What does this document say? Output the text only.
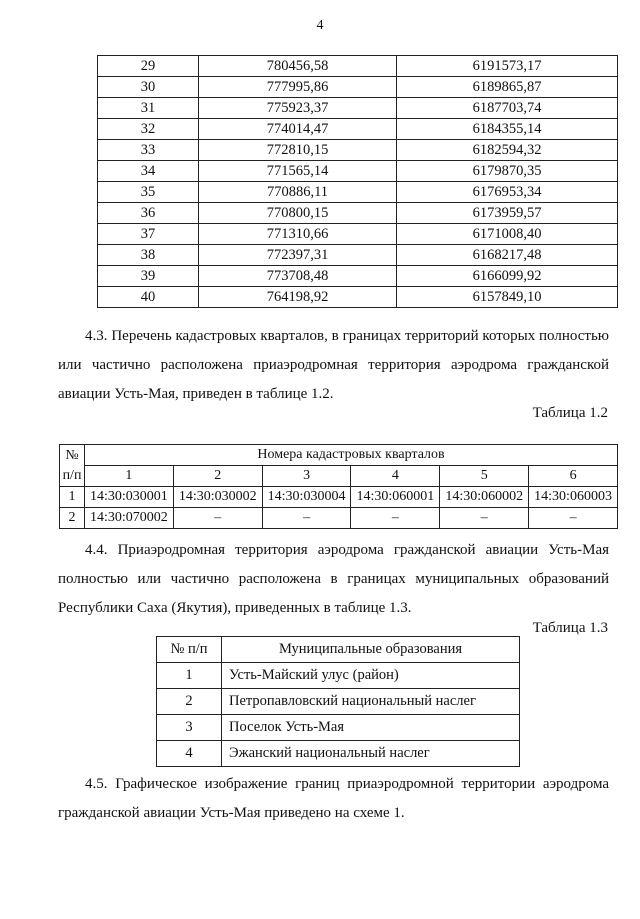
4
29	780456,58	6191573,17
30	777995,86	6189865,87
31	775923,37	6187703,74
32	774014,47	6184355,14
33	772810,15	6182594,32
34	771565,14	6179870,35
35	770886,11	6176953,34
36	770800,15	6173959,57
37	771310,66	6171008,40
38	772397,31	6168217,48
39	773708,48	6166099,92
40	764198,92	6157849,10

4.3. Перечень кадастровых кварталов, в границах территорий которых полностью или частично расположена приаэродромная территория аэродрома гражданской авиации Усть-Мая, приведен в таблице 1.2.

Таблица 1.2
№ п/п	Номера кадастровых кварталов					
	1	2	3	4	5	6
1	14:30:030001	14:30:030002	14:30:030004	14:30:060001	14:30:060002	14:30:060003
2	14:30:070002	–	–	–	–	–

4.4. Приаэродромная территория аэродрома гражданской авиации Усть-Мая полностью или частично расположена в границах муниципальных образований Республики Саха (Якутия), приведенных в таблице 1.3.

Таблица 1.3
№ п/п	Муниципальные образования
1	Усть-Майский улус (район)
2	Петропавловский национальный наслег
3	Поселок Усть-Мая
4	Эжанский национальный наслег

4.5. Графическое изображение границ приаэродромной территории аэродрома гражданской авиации Усть-Мая приведено на схеме 1.
